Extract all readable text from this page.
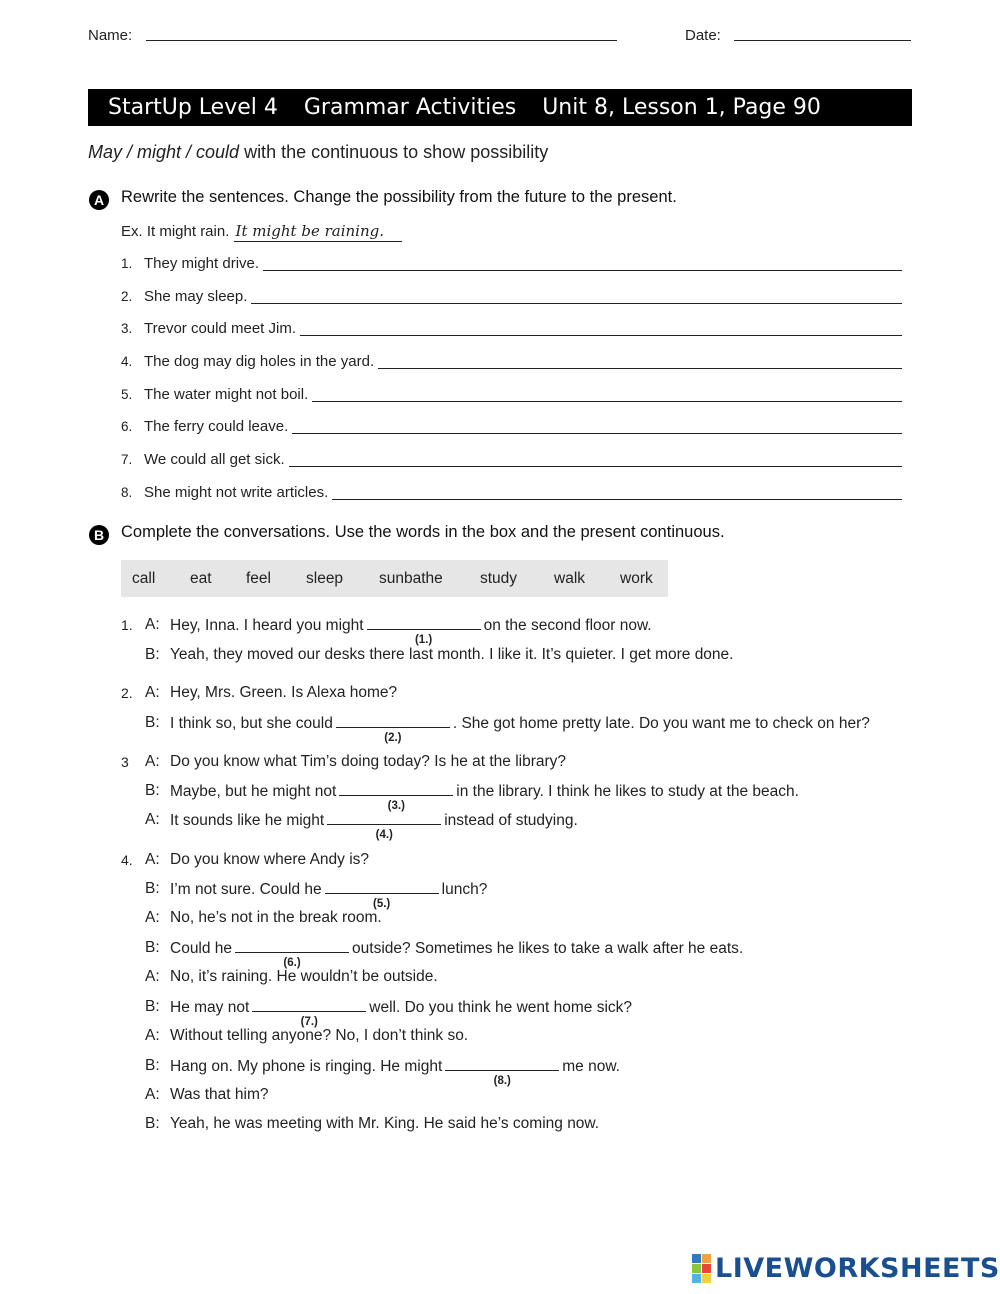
Name:	Date:
StartUp Level 4 Grammar Activities Unit 8, Lesson 1, Page 90
May / might / could with the continuous to show possibility
A Rewrite the sentences. Change the possibility from the future to the present.
Ex. It might rain. It might be raining.
1. They might drive.
2. She may sleep.
3. Trevor could meet Jim.
4. The dog may dig holes in the yard.
5. The water might not boil.
6. The ferry could leave.
7. We could all get sick.
8. She might not write articles.
B Complete the conversations. Use the words in the box and the present continuous.
call eat feel sleep sunbathe study walk work
1. A: Hey, Inna. I heard you might
(1.)
on the second floor now.
B: Yeah, they moved our desks there last month. I like it. It’s quieter. I get more done.
2. A: Hey, Mrs. Green. Is Alexa home?
B: I think so, but she could
(2.)
. She got home pretty late. Do you want me to check on her?
3 A: Do you know what Tim’s doing today? Is he at the library?
B: Maybe, but he might not
(3.)
in the library. I think he likes to study at the beach.
A: It sounds like he might
(4.)
instead of studying.
4. A: Do you know where Andy is?
B: I’m not sure. Could he
(5.)
lunch?
A: No, he’s not in the break room.
B: Could he
(6.)
outside? Sometimes he likes to take a walk after he eats.
A: No, it’s raining. He wouldn’t be outside.
B: He may not
(7.)
well. Do you think he went home sick?
A: Without telling anyone? No, I don’t think so.
B: Hang on. My phone is ringing. He might
(8.)
me now.
A: Was that him?
B: Yeah, he was meeting with Mr. King. He said he’s coming now.
LIVEWORKSHEETS
